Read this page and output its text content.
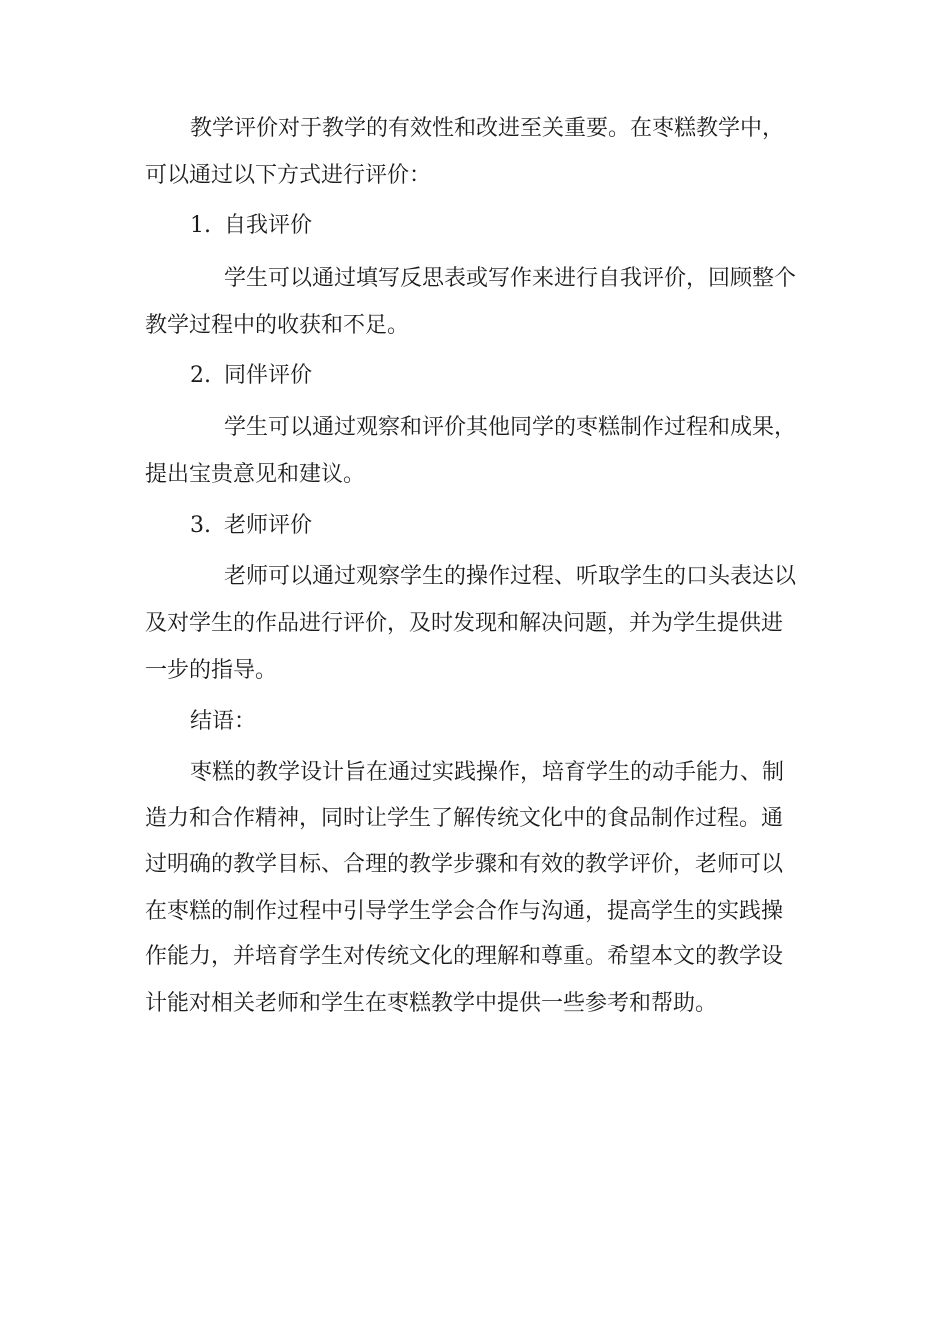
教学评价对于教学的有效性和改进至关重要。在枣糕教学中，
可以通过以下方式进行评价：
1. 自我评价
学生可以通过填写反思表或写作来进行自我评价，回顾整个
教学过程中的收获和不足。
2. 同伴评价
学生可以通过观察和评价其他同学的枣糕制作过程和成果，
提出宝贵意见和建议。
3. 老师评价
老师可以通过观察学生的操作过程、听取学生的口头表达以
及对学生的作品进行评价，及时发现和解决问题，并为学生提供进
一步的指导。
结语：
枣糕的教学设计旨在通过实践操作，培育学生的动手能力、制
造力和合作精神，同时让学生了解传统文化中的食品制作过程。通
过明确的教学目标、合理的教学步骤和有效的教学评价，老师可以
在枣糕的制作过程中引导学生学会合作与沟通，提高学生的实践操
作能力，并培育学生对传统文化的理解和尊重。希望本文的教学设
计能对相关老师和学生在枣糕教学中提供一些参考和帮助。
